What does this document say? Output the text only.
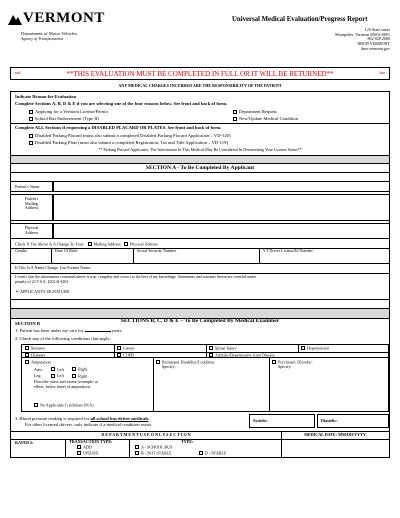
VERMONT
Department of Motor Vehicles
Agency of Transportation
Universal Medical Evaluation/Progress Report
120 State street
Montpelier, Vermont 05603-0001
802 828 2000
888.99.VERMONT
dmv.vermont.gov
⇨	**THIS EVALUATION MUST BE COMPLETED IN FULL OR IT WILL BE RETURNED**	⇦
ANY MEDICAL CHARGES INCURRED ARE THE RESPONSIBILITY OF THE PATIENT
Indicate Reason for Evaluation
Complete Sections A, B, D & E if you are selecting one of the four reasons below. See front and back of form.
Applying for a Vermont License/Permit
School Bus Endorsement (Type II)
Department Request
New/Update Medical Condition
Complete ALL Sections if requesting a DISABLED PLACARD OR PLATES. See front and back of form.
Disabled Parking Placard (must also submit a completed Disabled Parking Placard Application – VD-120)
Disabled Parking Plate (must also submit a completed Registration, Tax and Title Application – VD-119)
** Parking Placard Applicants: The Information In This Medical May Be Considered In Determining Your License Status**
SECTION A - To Be Completed By Applicant
Patient's Name
Patient's
Mailing
Address
Physical
Address
Check If The Above Is A Change To Your: Mailing Address Physical Address
Gender	Date Of Birth	Social Security Number	VT Driver License/Id Number
If This Is A Name Change, List Former Name:
I certify that the information contained above is true, complete and correct to the best of my knowledge. Statements and warrants herein are certified under
penalty of 23 V.S.A. §202 & §203.
➢ APPLICANT'S SIGNATURE
SECTIONS B, C, D & E – To Be Completed By Medical Examiner
SECTION B
1. Patient has been under my care for	years.
2. Check any of the following conditions that apply:
Seizures	Cancer	Spinal Injury	Hypertension
Diabetes	COPD	Arthritis/Degenerative Joint Disease
Amputation:
Arm:	Left	Right
Leg:	Left	Right
Describe cause and extent (example: at
elbow, below knee) of amputation:
No Applicable Conditions (N/A)
Permanent Disability/Condition:
Specify:
Psychiatric Disorder:
Specify:
3. Blood pressure reading is required for all school bus driver medicals.
For other licensed drivers, only indicate if a medical condition exists.
Systolic:	Diastolic:
D E P A R T M E N T U S E O N L Y S E C T I O N	MEDICAL DATE: MM/DD/YYYY
RATER #:	TRANSACTION TYPE:
ADD
UPDATE
TYPE:
A - SCHOOL BUS
B - NOT STABLE	D - STABLE
